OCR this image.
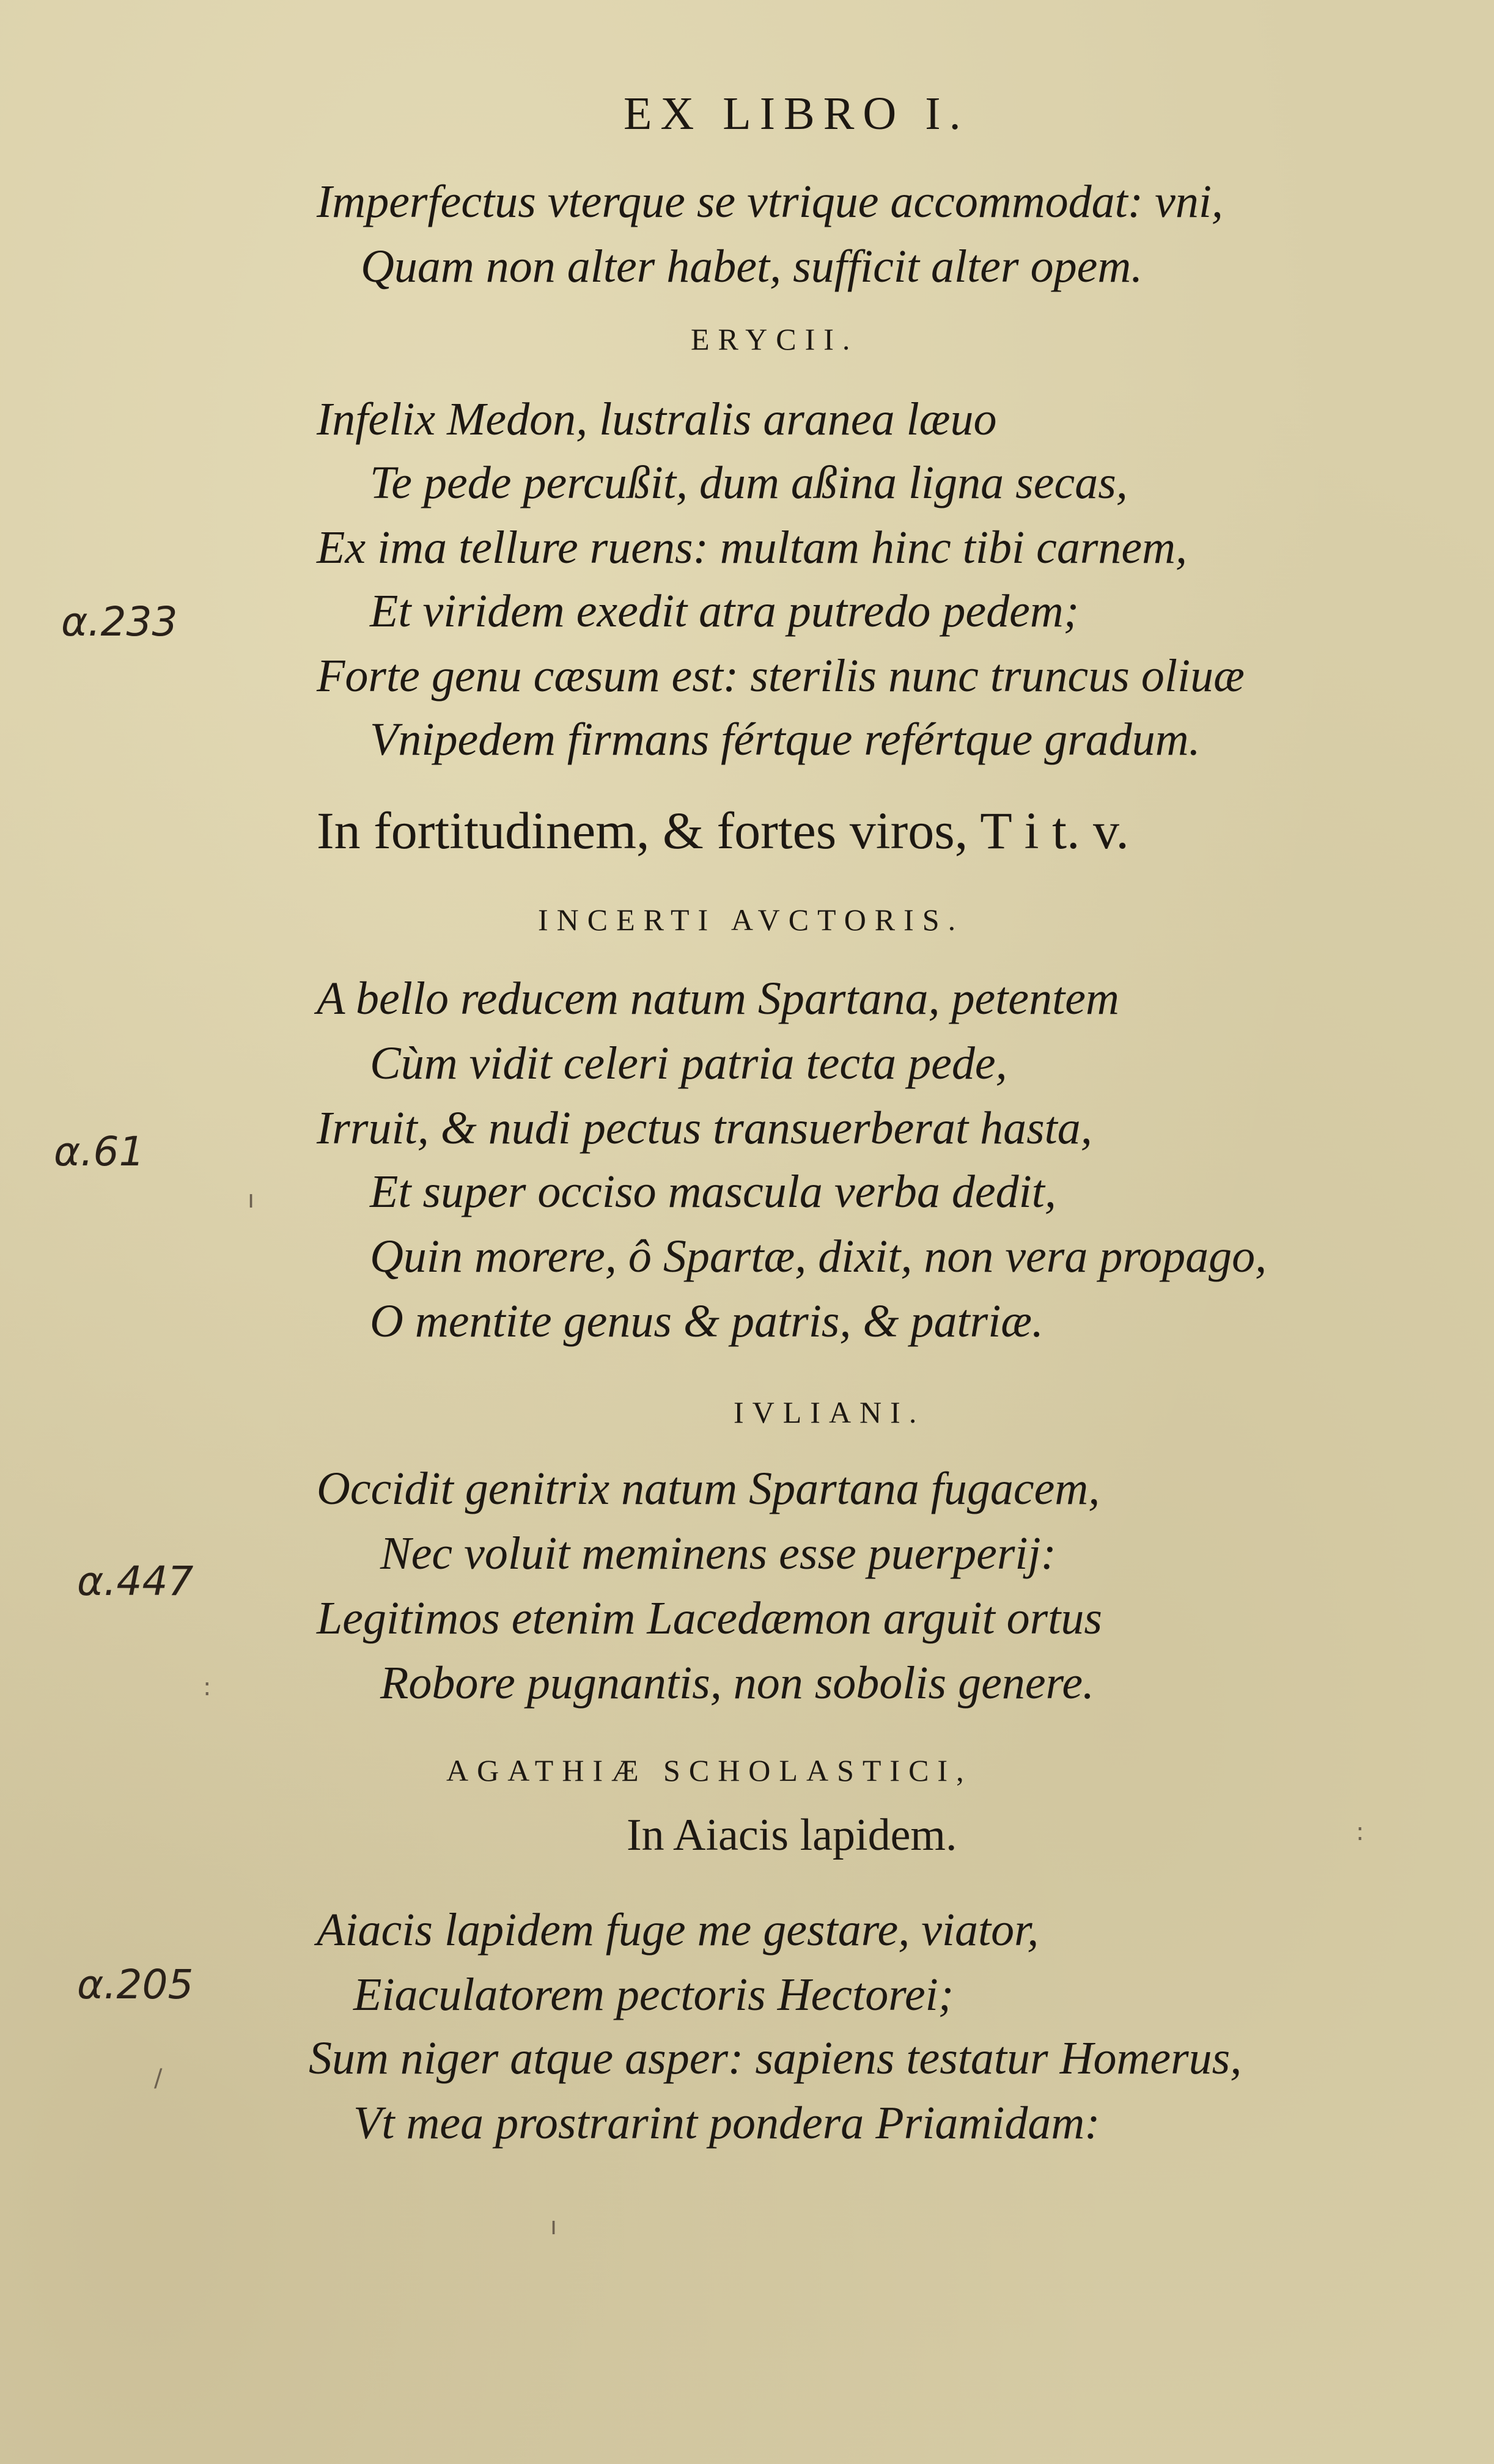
EX LIBRO I.
Imperfectus vterque se vtrique accommodat: vni,
Quam non alter habet, sufficit alter opem.
ERYCII.
Infelix Medon, lustralis aranea læuo
Te pede percußit, dum aßina ligna secas,
Ex ima tellure ruens: multam hinc tibi carnem,
Et viridem exedit atra putredo pedem;
Forte genu cæsum est: sterilis nunc truncus oliuæ
Vnipedem firmans fértque refértque gradum.
In fortitudinem, & fortes viros, T i t. v.
INCERTI AVCTORIS.
A bello reducem natum Spartana, petentem
Cùm vidit celeri patria tecta pede,
Irruit, & nudi pectus transuerberat hasta,
Et super occiso mascula verba dedit,
Quin morere, ô Spartæ, dixit, non vera propago,
O mentite genus & patris, & patriæ.
IVLIANI.
Occidit genitrix natum Spartana fugacem,
Nec voluit meminens esse puerperij:
Legitimos etenim Lacedæmon arguit ortus
Robore pugnantis, non sobolis genere.
AGATHIÆ SCHOLASTICI,
In Aiacis lapidem.
Aiacis lapidem fuge me gestare, viator,
Eiaculatorem pectoris Hectorei;
Sum niger atque asper: sapiens testatur Homerus,
Vt mea prostrarint pondera Priamidam:
α.233
α.61
α.447
α.205
ı
:
/
ı
:
